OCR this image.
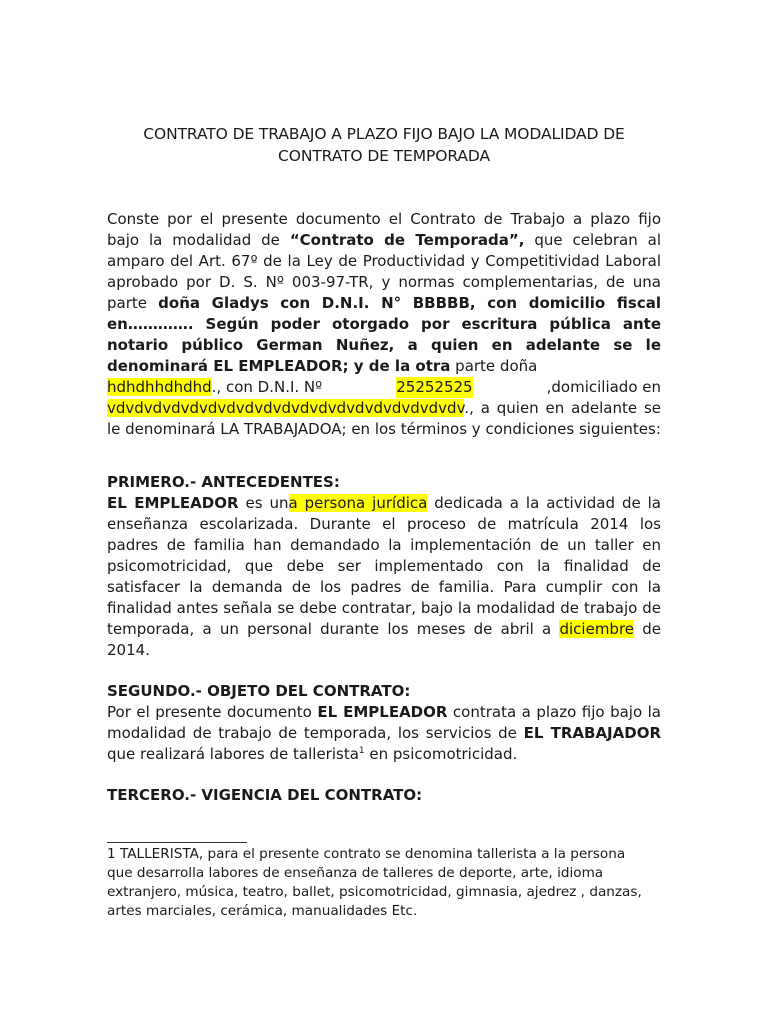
CONTRATO DE TRABAJO A PLAZO FIJO BAJO LA MODALIDAD DE
CONTRATO DE TEMPORADA
Conste por el presente documento el Contrato de Trabajo a plazo fijo bajo la modalidad de “Contrato de Temporada”, que celebran al amparo del Art. 67º de la Ley de Productividad y Competitividad Laboral aprobado por D. S. Nº 003-97-TR, y normas complementarias, de una parte doña Gladys con D.N.I. N° BBBBB, con domicilio fiscal en…………. Según poder otorgado por escritura pública ante notario público German Nuñez, a quien en adelante se le denominará EL EMPLEADOR; y de la otra parte doña
hdhdhhdhdhd., con D.N.I. Nº	25252525	,domiciliado en
vdvdvdvdvdvdvdvdvdvdvdvdvdvdvdvdvdvdvdv., a quien en adelante se le denominará LA TRABAJADOA; en los términos y condiciones siguientes:
PRIMERO.- ANTECEDENTES:
EL EMPLEADOR es una persona jurídica dedicada a la actividad de la enseñanza escolarizada. Durante el proceso de matrícula 2014 los padres de familia han demandado la implementación de un taller en psicomotricidad, que debe ser implementado con la finalidad de satisfacer la demanda de los padres de familia. Para cumplir con la finalidad antes señala se debe contratar, bajo la modalidad de trabajo de temporada, a un personal durante los meses de abril a diciembre de 2014.
SEGUNDO.- OBJETO DEL CONTRATO:
Por el presente documento EL EMPLEADOR contrata a plazo fijo bajo la modalidad de trabajo de temporada, los servicios de EL TRABAJADOR que realizará labores de tallerista$^1$ en psicomotricidad.
TERCERO.- VIGENCIA DEL CONTRATO:
1 TALLERISTA, para el presente contrato se denomina tallerista a la persona
que desarrolla labores de enseñanza de talleres de deporte, arte, idioma
extranjero, música, teatro, ballet, psicomotricidad, gimnasia, ajedrez , danzas,
artes marciales, cerámica, manualidades Etc.
